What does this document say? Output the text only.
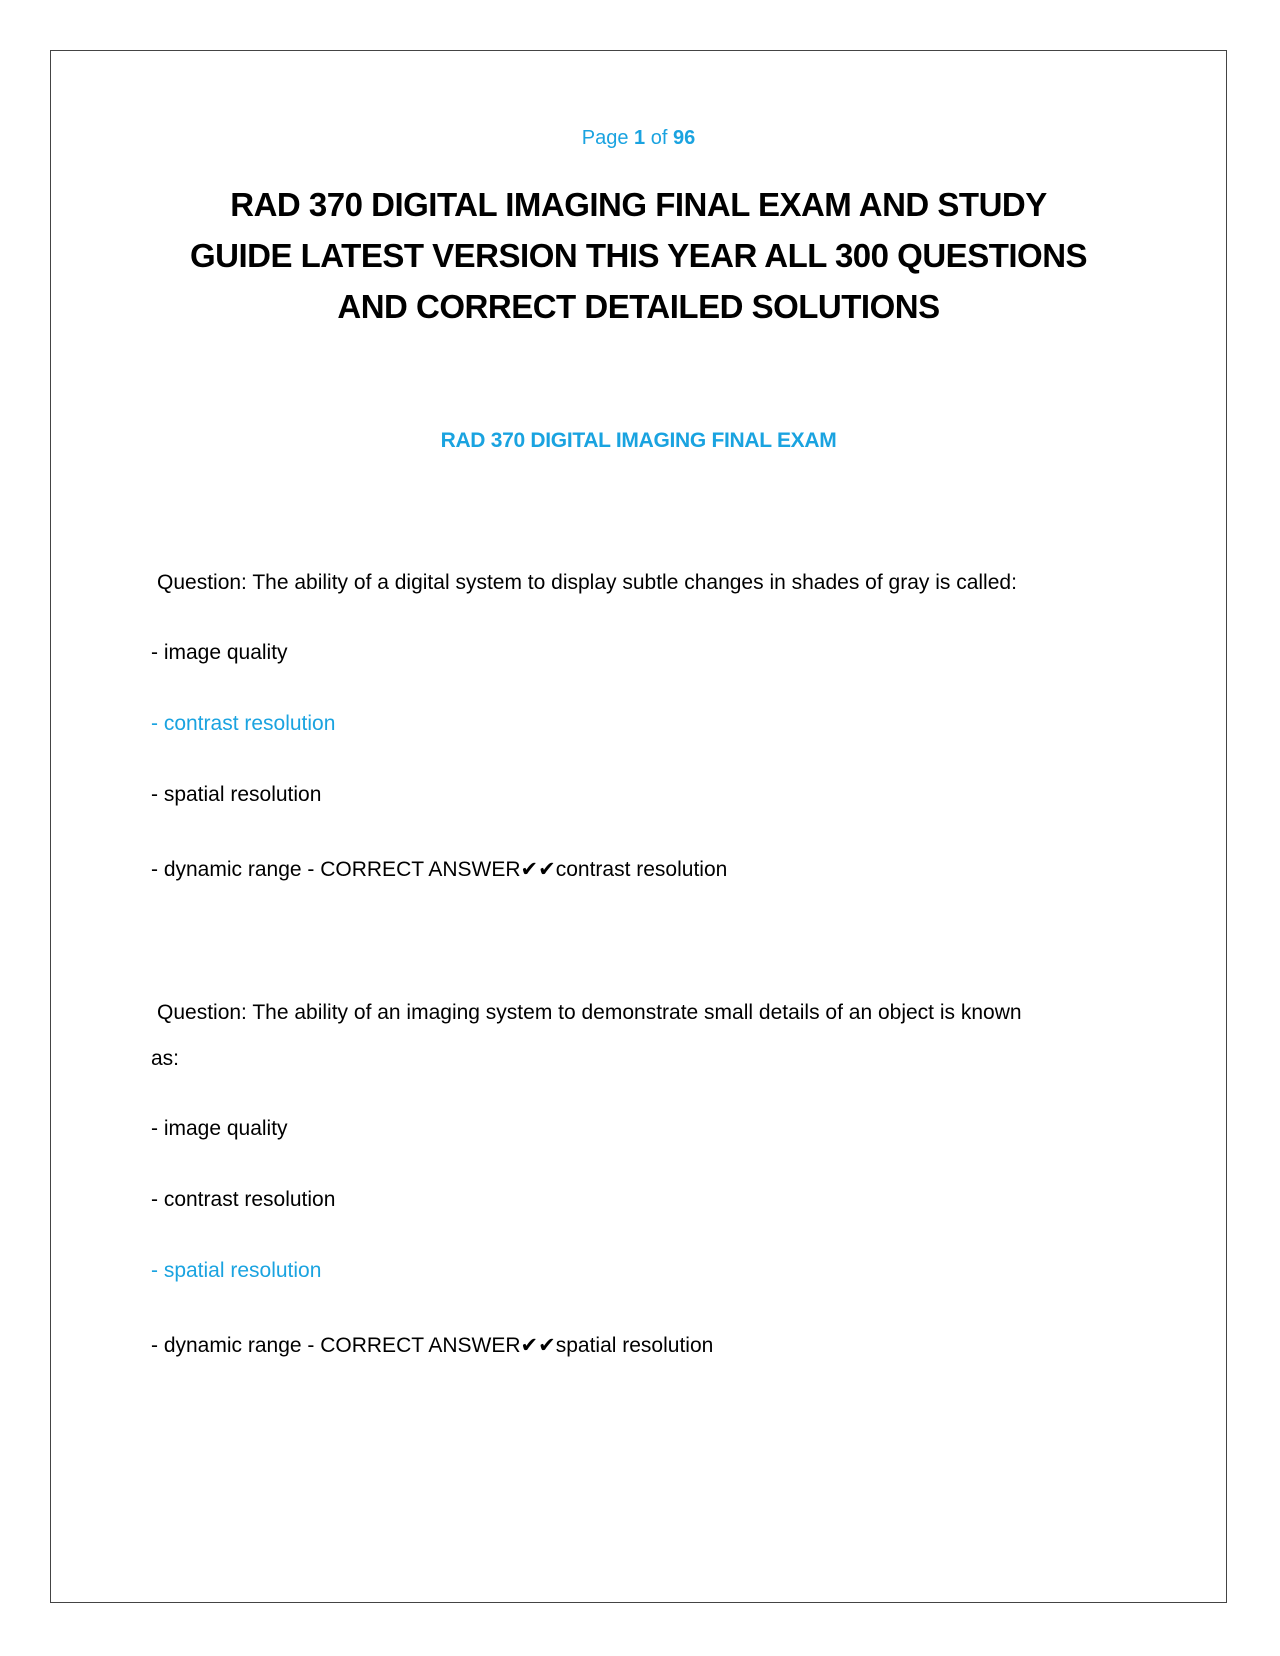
Page 1 of 96
RAD 370 DIGITAL IMAGING FINAL EXAM AND STUDY
GUIDE LATEST VERSION THIS YEAR ALL 300 QUESTIONS
AND CORRECT DETAILED SOLUTIONS
RAD 370 DIGITAL IMAGING FINAL EXAM
Question: The ability of a digital system to display subtle changes in shades of gray is called:
- image quality
- contrast resolution
- spatial resolution
- dynamic range - CORRECT ANSWER✔✔contrast resolution
Question: The ability of an imaging system to demonstrate small details of an object is known
as:
- image quality
- contrast resolution
- spatial resolution
- dynamic range - CORRECT ANSWER✔✔spatial resolution
